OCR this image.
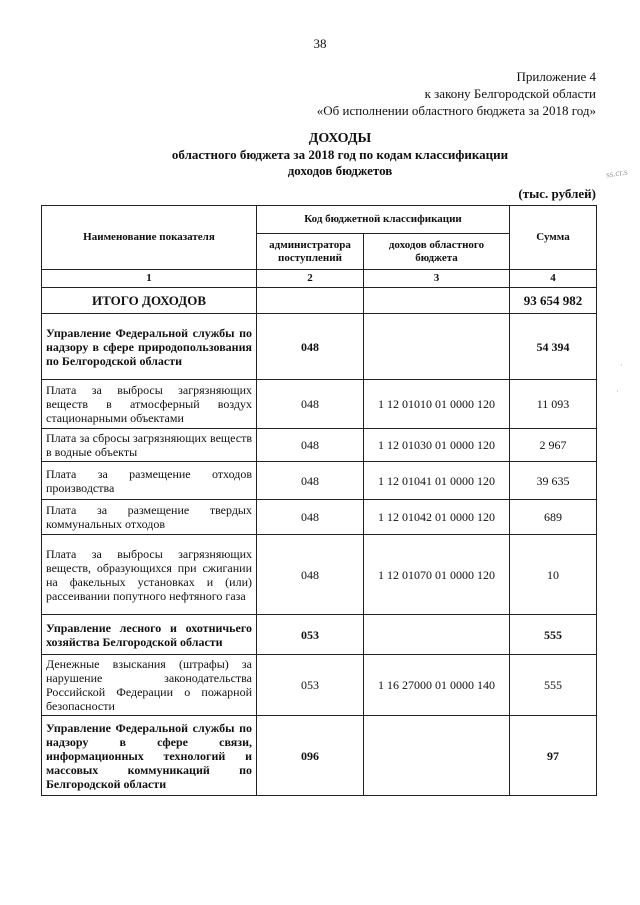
38
Приложение 4
к закону Белгородской области
«Об исполнении областного бюджета за 2018 год»
ДОХОДЫ
областного бюджета за 2018 год по кодам классификации
доходов бюджетов
(тыс. рублей)
ss.cr.s
·
·
Наименование показателя	Код бюджетной классификации		Сумма
	администратора поступлений	доходов областного бюджета	
1	2	3	4
ИТОГО ДОХОДОВ			93 654 982
Управление Федеральной службы по надзору в сфере природопользования по Белгородской области	048		54 394
Плата за выбросы загрязняющих веществ в атмосферный воздух стационарными объектами	048	1 12 01010 01 0000 120	11 093
Плата за сбросы загрязняющих веществ в водные объекты	048	1 12 01030 01 0000 120	2 967
Плата за размещение отходов производства	048	1 12 01041 01 0000 120	39 635
Плата за размещение твердых коммунальных отходов	048	1 12 01042 01 0000 120	689
Плата за выбросы загрязняющих веществ, образующихся при сжигании на факельных установках и (или) рассеивании попутного нефтяного газа	048	1 12 01070 01 0000 120	10
Управление лесного и охотничьего хозяйства Белгородской области	053		555
Денежные взыскания (штрафы) за нарушение законодательства Российской Федерации о пожарной безопасности	053	1 16 27000 01 0000 140	555
Управление Федеральной службы по надзору в сфере связи, информационных технологий и массовых коммуникаций по Белгородской области	096		97
